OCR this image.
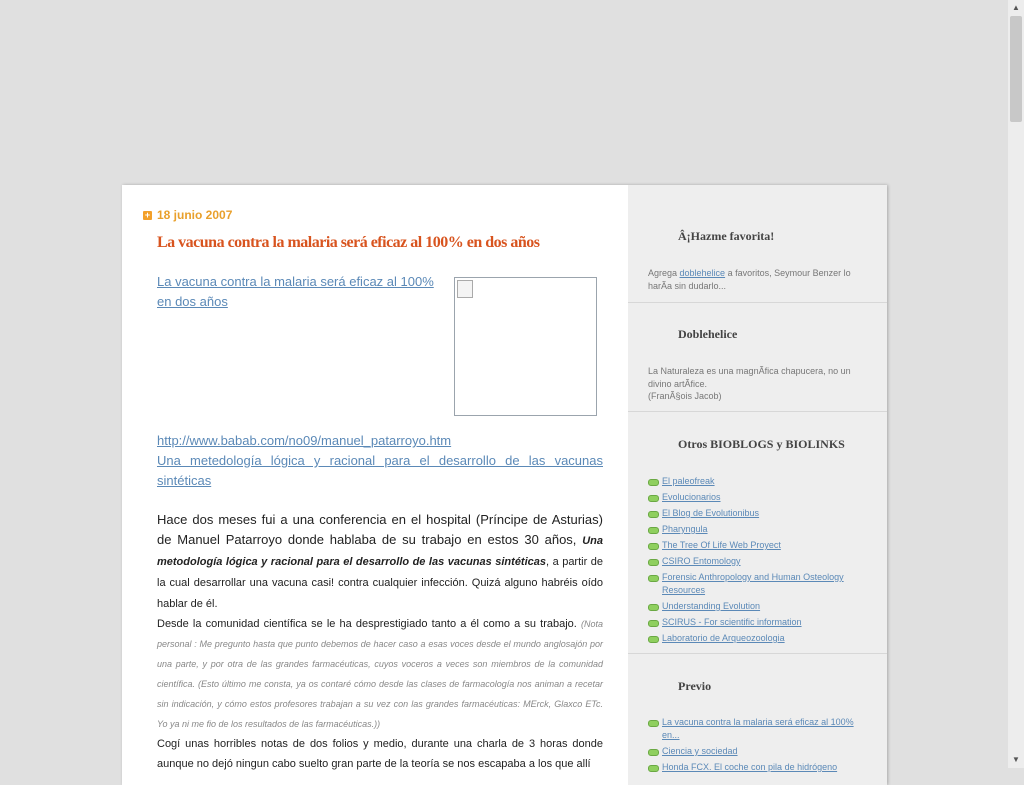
+ 18 junio 2007
La vacuna contra la malaria será eficaz al 100% en dos años
La vacuna contra la malaria será eficaz al 100% en dos años
http://www.babab.com/no09/manuel_patarroyo.htm

Una metedología lógica y racional para el desarrollo de las vacunas sintéticas

Hace dos meses fui a una conferencia en el hospital (Príncipe de Asturias) de Manuel Patarroyo donde hablaba de su trabajo en estos 30 años, Una metodología lógica y racional para el desarrollo de las vacunas sintéticas, a partir de la cual desarrollar una vacuna casi! contra cualquier infección. Quizá alguno habréis oído hablar de él.

Desde la comunidad científica se le ha desprestigiado tanto a él como a su trabajo. (Nota personal : Me pregunto hasta que punto debemos de hacer caso a esas voces desde el mundo anglosajón por una parte, y por otra de las grandes farmacéuticas, cuyos voceros a veces son miembros de la comunidad científica. (Esto último me consta, ya os contaré cómo desde las clases de farmacología nos animan a recetar sin indicación, y cómo estos profesores trabajan a su vez con las grandes farmacéuticas: MErck, Glaxco ETc. Yo ya ni me fio de los resultados de las farmacéuticas.))

Cogí unas horribles notas de dos folios y medio, durante una charla de 3 horas donde aunque no dejó ningun cabo suelto gran parte de la teoría se nos escapaba a los que allí

Â¡Hazme favorita!
Agrega doblehelice a favoritos, Seymour Benzer lo harÃa sin dudarlo...
Doblehelice
La Naturaleza es una magnÃfica chapucera, no un divino artÃfice.
(FranÃ§ois Jacob)
Otros BIOBLOGS y BIOLINKS
El paleofreak
Evolucionarios
El Blog de Evolutionibus
Pharyngula
The Tree Of Life Web Proyect
CSIRO Entomology
Forensic Anthropology and Human Osteology Resources
Understanding Evolution
SCIRUS - For scientific information
Laboratorio de Arqueozoologia
Previo
La vacuna contra la malaria será eficaz al 100% en...
Ciencia y sociedad
Honda FCX. El coche con pila de hidrógeno
▲
▼
